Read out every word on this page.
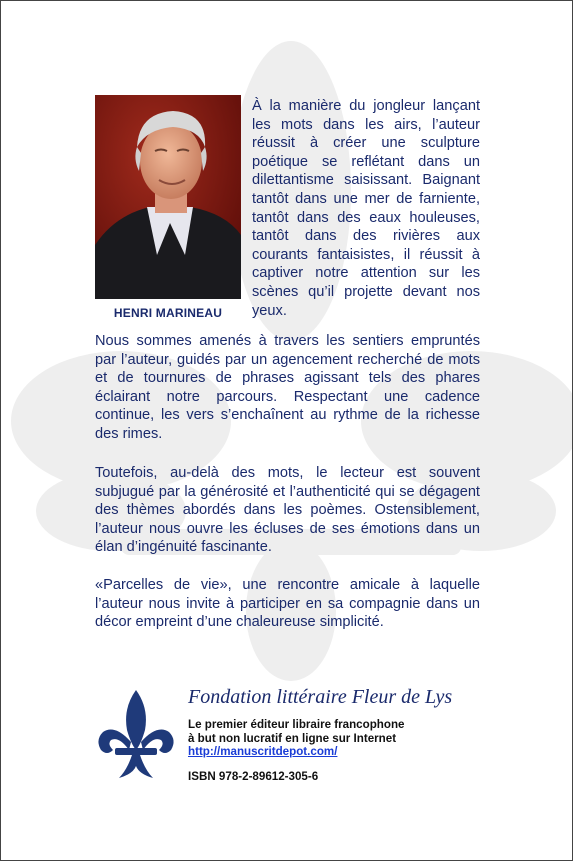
HENRI MARINEAU

À la manière du jongleur lançant les mots dans les airs, l’auteur réussit à créer une sculpture poétique se reflétant dans un dilettantisme saisissant. Baignant tantôt dans une mer de farniente, tantôt dans des eaux houleuses, tantôt dans des rivières aux courants fantaisistes, il réussit à captiver notre attention sur les scènes qu’il projette devant nos yeux.

Nous sommes amenés à travers les sentiers empruntés par l’auteur, guidés par un agencement recherché de mots et de tournures de phrases agissant tels des phares éclairant notre parcours. Respectant une cadence continue, les vers s’enchaînent au rythme de la richesse des rimes.

Toutefois, au-delà des mots, le lecteur est souvent subjugué par la générosité et l’authenticité qui se dégagent des thèmes abordés dans les poèmes. Ostensiblement, l’auteur nous ouvre les écluses de ses émotions dans un élan d’ingénuité fascinante.

«Parcelles de vie», une rencontre amicale à laquelle l’auteur nous invite à participer en sa compagnie dans un décor empreint d’une chaleureuse simplicité.

Fondation littéraire Fleur de Lys
Le premier éditeur libraire francophone
à but non lucratif en ligne sur Internet
http://manuscritdepot.com/
ISBN 978-2-89612-305-6
